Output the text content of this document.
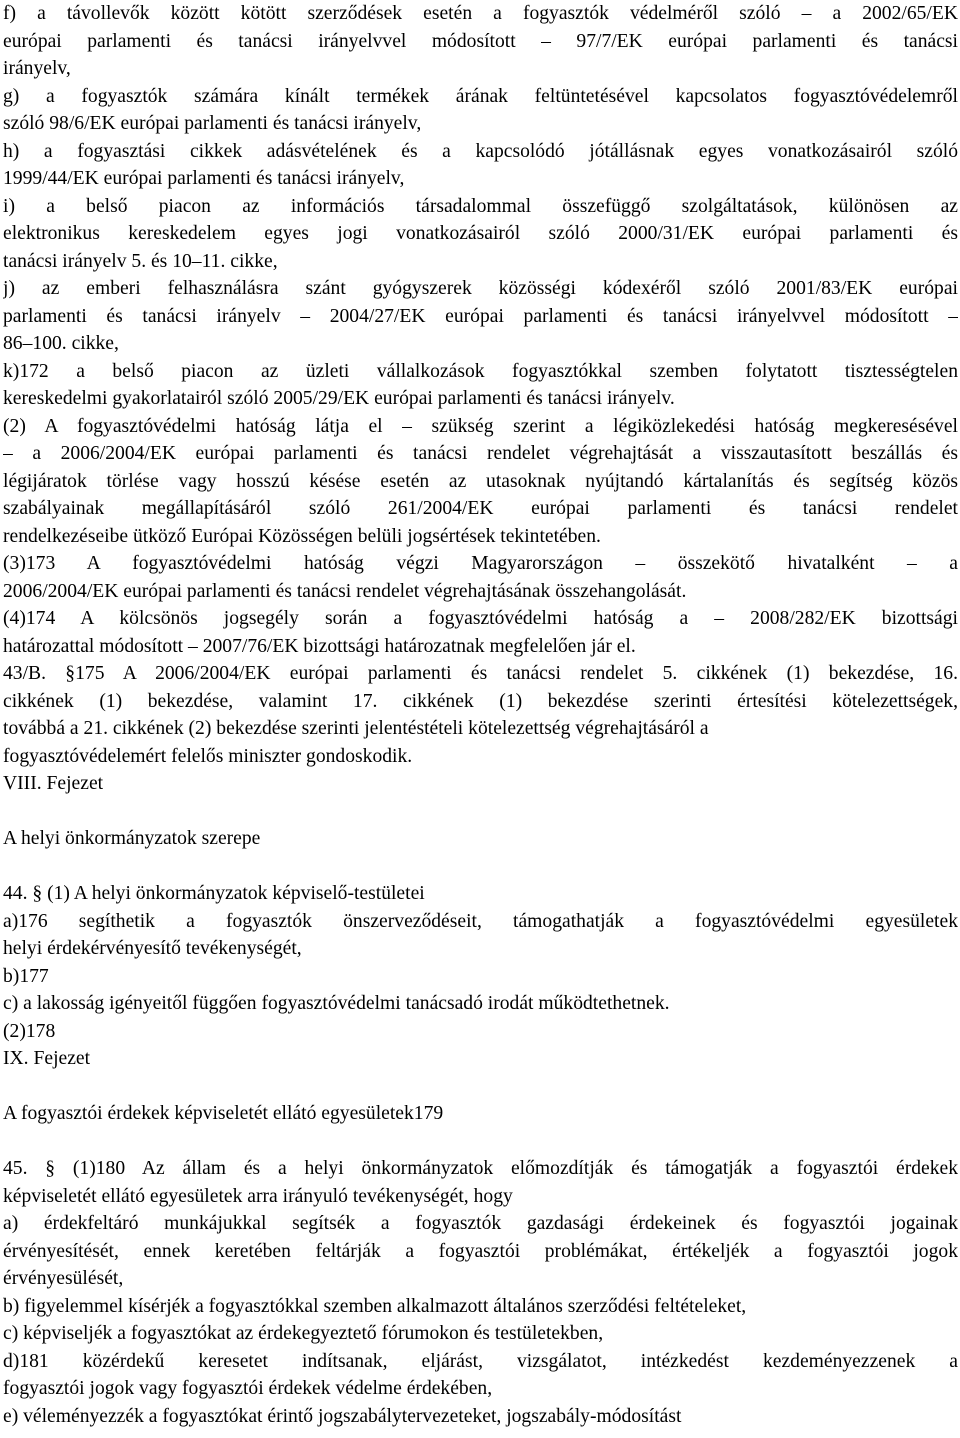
f) a távollevők között kötött szerződések esetén a fogyasztók védelméről szóló – a 2002/65/EK
európai parlamenti és tanácsi irányelvvel módosított – 97/7/EK európai parlamenti és tanácsi
irányelv,
g) a fogyasztók számára kínált termékek árának feltüntetésével kapcsolatos fogyasztóvédelemről
szóló 98/6/EK európai parlamenti és tanácsi irányelv,
h) a fogyasztási cikkek adásvételének és a kapcsolódó jótállásnak egyes vonatkozásairól szóló
1999/44/EK európai parlamenti és tanácsi irányelv,
i) a belső piacon az információs társadalommal összefüggő szolgáltatások, különösen az
elektronikus kereskedelem egyes jogi vonatkozásairól szóló 2000/31/EK európai parlamenti és
tanácsi irányelv 5. és 10–11. cikke,
j) az emberi felhasználásra szánt gyógyszerek közösségi kódexéről szóló 2001/83/EK európai
parlamenti és tanácsi irányelv – 2004/27/EK európai parlamenti és tanácsi irányelvvel módosított –
86–100. cikke,
k)172 a belső piacon az üzleti vállalkozások fogyasztókkal szemben folytatott tisztességtelen
kereskedelmi gyakorlatairól szóló 2005/29/EK európai parlamenti és tanácsi irányelv.
(2) A fogyasztóvédelmi hatóság látja el – szükség szerint a légiközlekedési hatóság megkeresésével
– a 2006/2004/EK európai parlamenti és tanácsi rendelet végrehajtását a visszautasított beszállás és
légijáratok törlése vagy hosszú késése esetén az utasoknak nyújtandó kártalanítás és segítség közös
szabályainak megállapításáról szóló 261/2004/EK európai parlamenti és tanácsi rendelet
rendelkezéseibe ütköző Európai Közösségen belüli jogsértések tekintetében.
(3)173 A fogyasztóvédelmi hatóság végzi Magyarországon – összekötő hivatalként – a
2006/2004/EK európai parlamenti és tanácsi rendelet végrehajtásának összehangolását.
(4)174 A kölcsönös jogsegély során a fogyasztóvédelmi hatóság a – 2008/282/EK bizottsági
határozattal módosított – 2007/76/EK bizottsági határozatnak megfelelően jár el.
43/B. §175 A 2006/2004/EK európai parlamenti és tanácsi rendelet 5. cikkének (1) bekezdése, 16.
cikkének (1) bekezdése, valamint 17. cikkének (1) bekezdése szerinti értesítési kötelezettségek,
továbbá a 21. cikkének (2) bekezdése szerinti jelentéstételi kötelezettség végrehajtásáról a
fogyasztóvédelemért felelős miniszter gondoskodik.
VIII. Fejezet
A helyi önkormányzatok szerepe
44. § (1) A helyi önkormányzatok képviselő-testületei
a)176 segíthetik a fogyasztók önszerveződéseit, támogathatják a fogyasztóvédelmi egyesületek
helyi érdekérvényesítő tevékenységét,
b)177
c) a lakosság igényeitől függően fogyasztóvédelmi tanácsadó irodát működtethetnek.
(2)178
IX. Fejezet
A fogyasztói érdekek képviseletét ellátó egyesületek179
45. § (1)180 Az állam és a helyi önkormányzatok előmozdítják és támogatják a fogyasztói érdekek
képviseletét ellátó egyesületek arra irányuló tevékenységét, hogy
a) érdekfeltáró munkájukkal segítsék a fogyasztók gazdasági érdekeinek és fogyasztói jogainak
érvényesítését, ennek keretében feltárják a fogyasztói problémákat, értékeljék a fogyasztói jogok
érvényesülését,
b) figyelemmel kísérjék a fogyasztókkal szemben alkalmazott általános szerződési feltételeket,
c) képviseljék a fogyasztókat az érdekegyeztető fórumokon és testületekben,
d)181 közérdekű keresetet indítsanak, eljárást, vizsgálatot, intézkedést kezdeményezzenek a
fogyasztói jogok vagy fogyasztói érdekek védelme érdekében,
e) véleményezzék a fogyasztókat érintő jogszabálytervezeteket, jogszabály-módosítást
